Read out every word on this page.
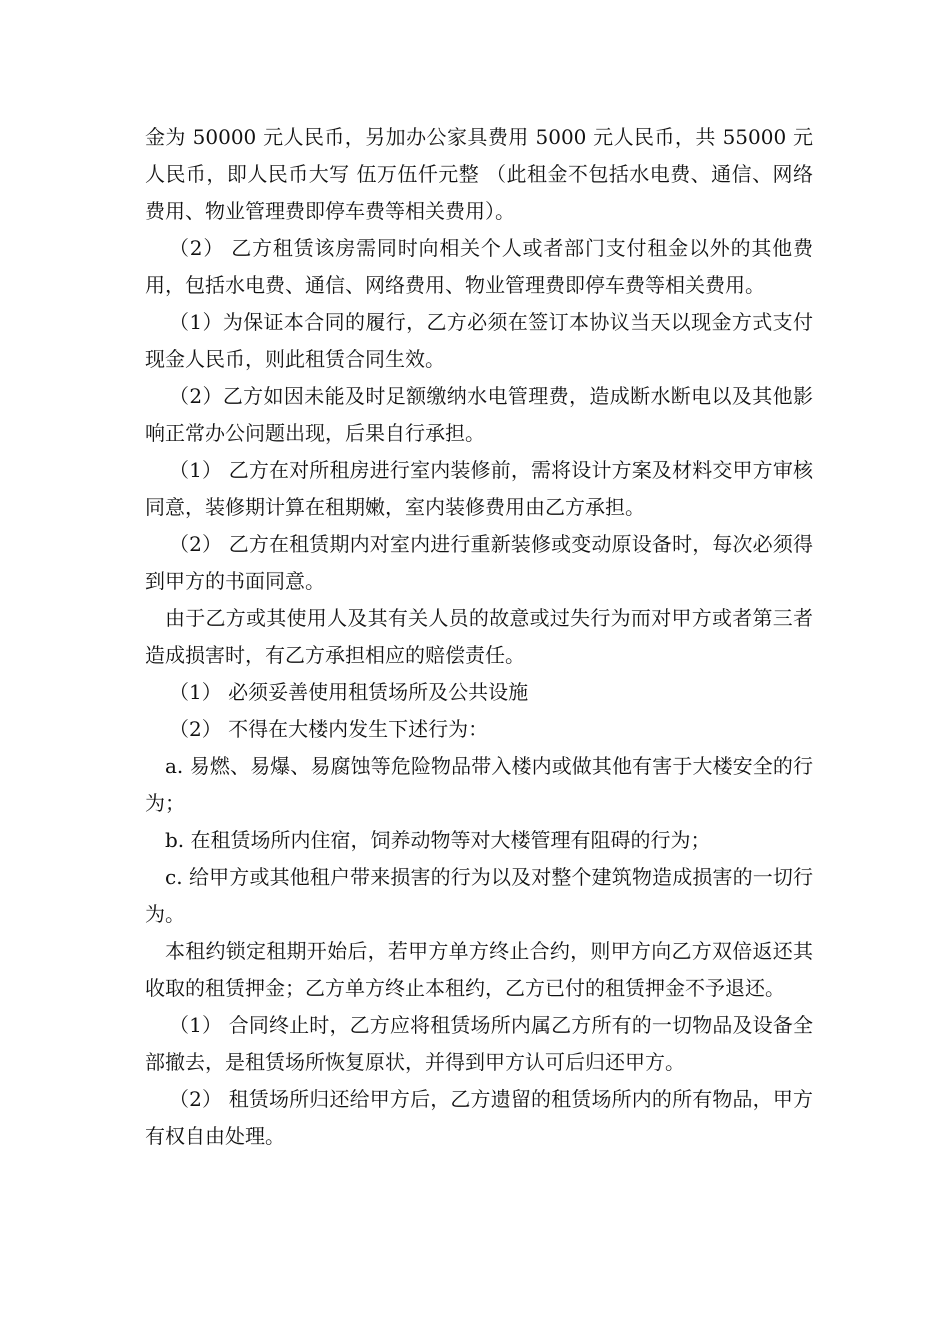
金为 50000 元人民币，另加办公家具费用 5000 元人民币，共 55000 元人民币，即人民币大写 伍万伍仟元整 （此租金不包括水电费、通信、网络费用、物业管理费即停车费等相关费用）。

（2） 乙方租赁该房需同时向相关个人或者部门支付租金以外的其他费用，包括水电费、通信、网络费用、物业管理费即停车费等相关费用。

（1）为保证本合同的履行，乙方必须在签订本协议当天以现金方式支付现金人民币，则此租赁合同生效。

（2）乙方如因未能及时足额缴纳水电管理费，造成断水断电以及其他影响正常办公问题出现，后果自行承担。

（1） 乙方在对所租房进行室内装修前，需将设计方案及材料交甲方审核同意，装修期计算在租期嫩，室内装修费用由乙方承担。

（2） 乙方在租赁期内对室内进行重新装修或变动原设备时，每次必须得到甲方的书面同意。

由于乙方或其使用人及其有关人员的故意或过失行为而对甲方或者第三者造成损害时，有乙方承担相应的赔偿责任。

（1） 必须妥善使用租赁场所及公共设施

（2） 不得在大楼内发生下述行为：

a. 易燃、易爆、易腐蚀等危险物品带入楼内或做其他有害于大楼安全的行为；

b. 在租赁场所内住宿，饲养动物等对大楼管理有阻碍的行为；

c. 给甲方或其他租户带来损害的行为以及对整个建筑物造成损害的一切行为。

本租约锁定租期开始后，若甲方单方终止合约，则甲方向乙方双倍返还其收取的租赁押金；乙方单方终止本租约，乙方已付的租赁押金不予退还。

（1） 合同终止时，乙方应将租赁场所内属乙方所有的一切物品及设备全部撤去，是租赁场所恢复原状，并得到甲方认可后归还甲方。

（2） 租赁场所归还给甲方后，乙方遗留的租赁场所内的所有物品，甲方有权自由处理。
